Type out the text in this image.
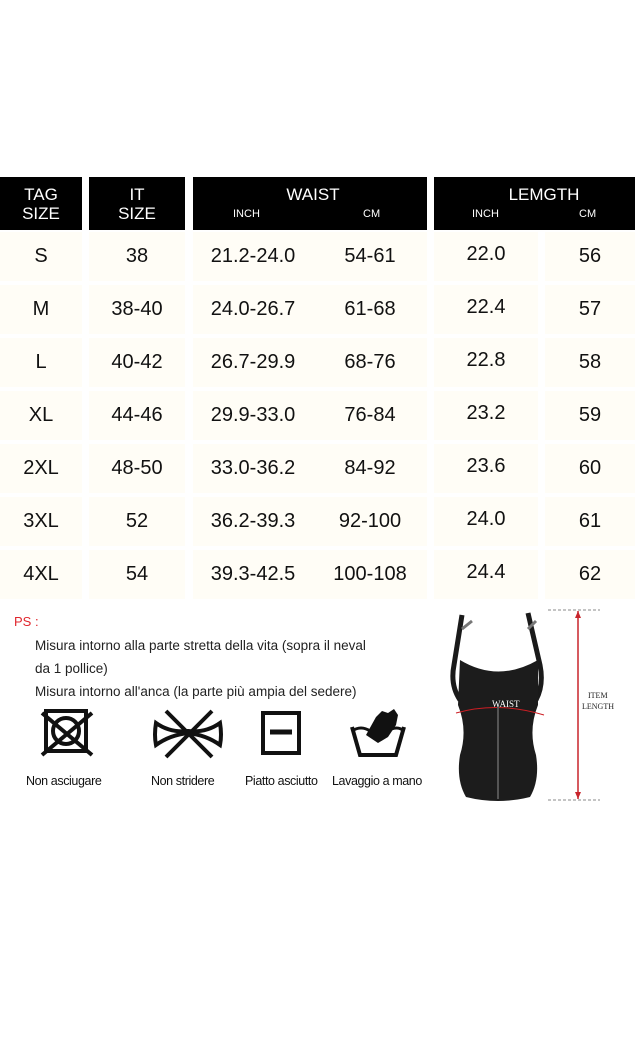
TAG
SIZE
IT
SIZE
WAIST
INCH	CM
LEMGTH
INCH	CM
S	38	21.2-24.0	54-61	22.0	56
M	38-40	24.0-26.7	61-68	22.4	57
L	40-42	26.7-29.9	68-76	22.8	58
XL	44-46	29.9-33.0	76-84	23.2	59
2XL	48-50	33.0-36.2	84-92	23.6	60
3XL	52	36.2-39.3	92-100	24.0	61
4XL	54	39.3-42.5	100-108	24.4	62
PS :
Misura intorno alla parte stretta della vita (sopra il neval
da 1 pollice)
Misura intorno all'anca (la parte più ampia del sedere)
Non asciugare	Non stridere Piatto asciutto Lavaggio a mano
WAIST
ITEM
LENGTH
